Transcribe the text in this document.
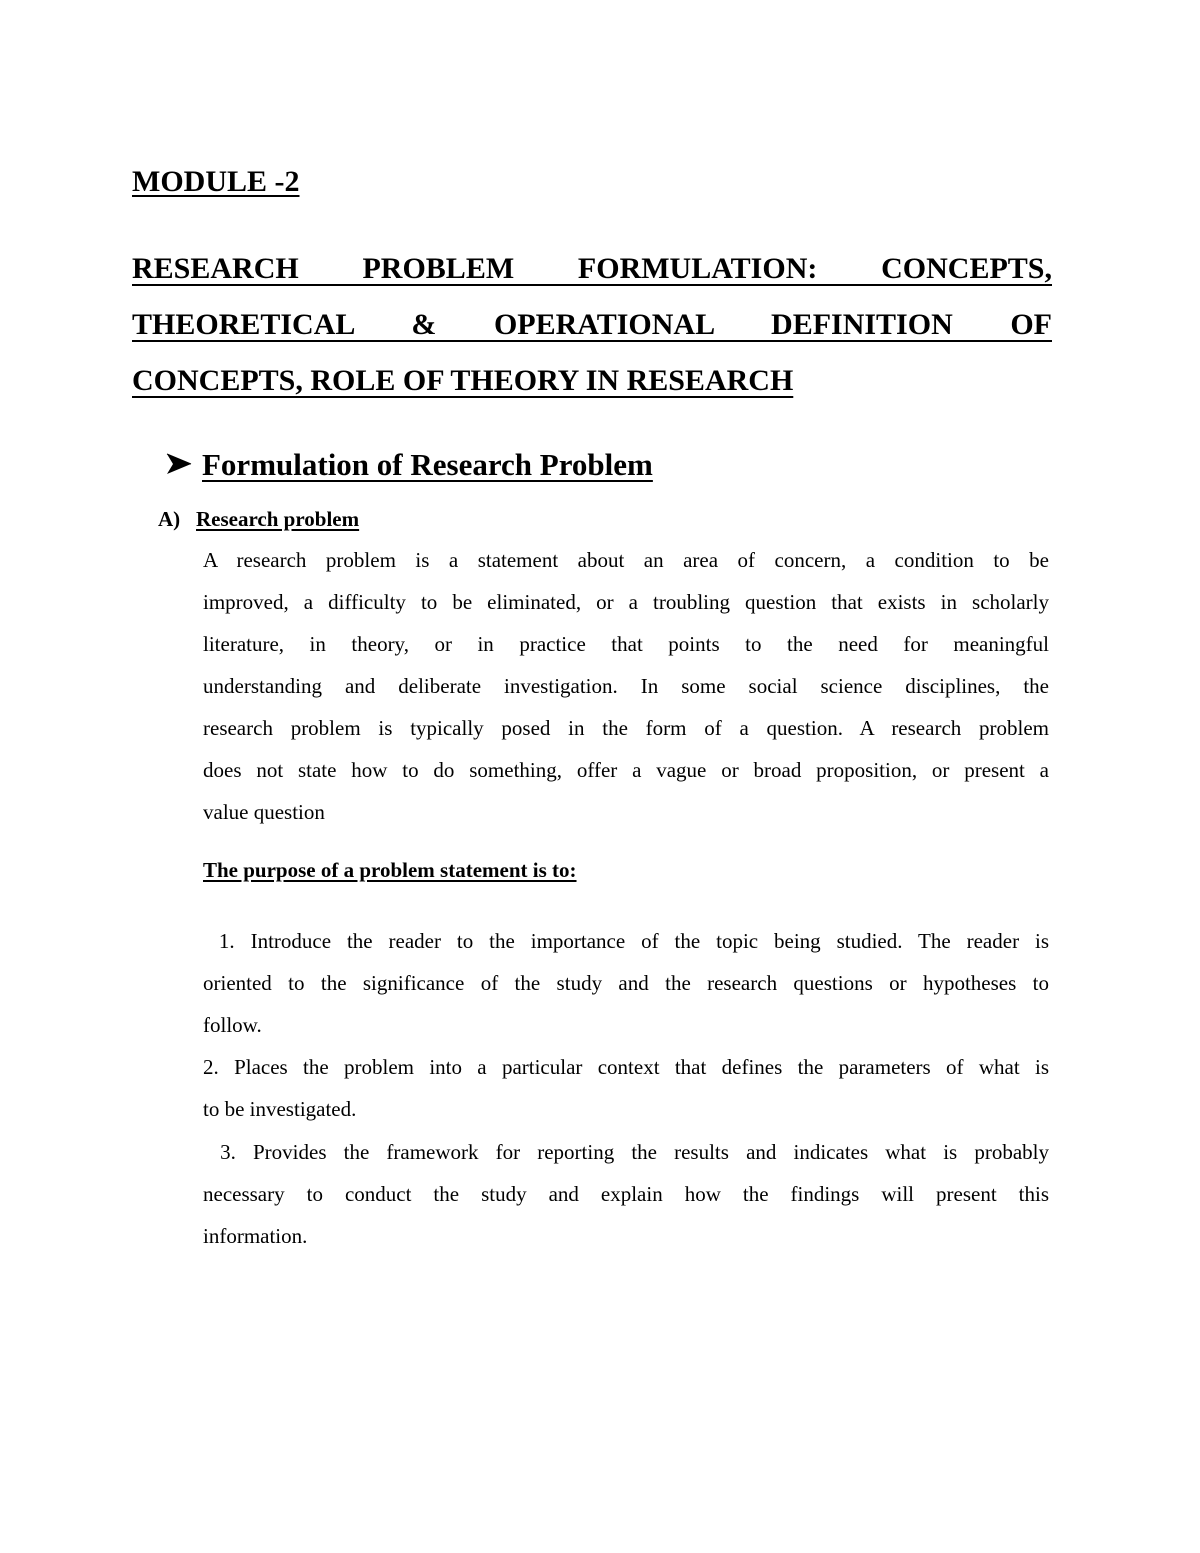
MODULE -2
RESEARCH PROBLEM FORMULATION: CONCEPTS,
THEORETICAL & OPERATIONAL DEFINITION OF
CONCEPTS, ROLE OF THEORY IN RESEARCH
Formulation of Research Problem
A) Research problem

A research problem is a statement about an area of concern, a condition to be
improved, a difficulty to be eliminated, or a troubling question that exists in scholarly
literature, in theory, or in practice that points to the need for meaningful
understanding and deliberate investigation. In some social science disciplines, the
research problem is typically posed in the form of a question. A research problem
does not state how to do something, offer a vague or broad proposition, or present a
value question

The purpose of a problem statement is to:

1. Introduce the reader to the importance of the topic being studied. The reader is
oriented to the significance of the study and the research questions or hypotheses to
follow.

2. Places the problem into a particular context that defines the parameters of what is
to be investigated.

3. Provides the framework for reporting the results and indicates what is probably
necessary to conduct the study and explain how the findings will present this
information.
